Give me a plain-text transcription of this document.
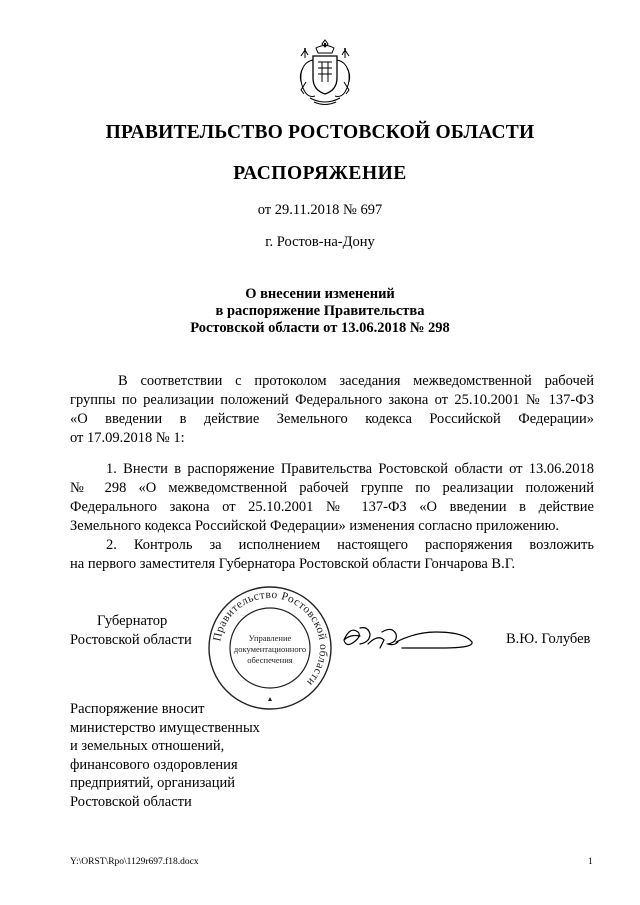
ПРАВИТЕЛЬСТВО РОСТОВСКОЙ ОБЛАСТИ
РАСПОРЯЖЕНИЕ
от 29.11.2018 № 697
г. Ростов-на-Дону
О внесении изменений
в распоряжение Правительства
Ростовской области от 13.06.2018 № 298
В соответствии с протоколом заседания межведомственной рабочей
группы по реализации положений Федерального закона от 25.10.2001 № 137-ФЗ
«О введении в действие Земельного кодекса Российской Федерации»
от 17.09.2018 № 1:
1. Внести в распоряжение Правительства Ростовской области от 13.06.2018
№ 298 «О межведомственной рабочей группе по реализации положений
Федерального закона от 25.10.2001 № 137-ФЗ «О введении в действие
Земельного кодекса Российской Федерации» изменения согласно приложению.
2. Контроль за исполнением настоящего распоряжения возложить
на первого заместителя Губернатора Ростовской области Гончарова В.Г.
Губернатор
Ростовской области Правительство Ростовской области
Управление
документационного
обеспечения
В.Ю. Голубев
Распоряжение вносит
министерство имущественных
и земельных отношений,
финансового оздоровления
предприятий, организаций
Ростовской области
Y:\ORST\Rpo\1129r697.f18.docx	1
